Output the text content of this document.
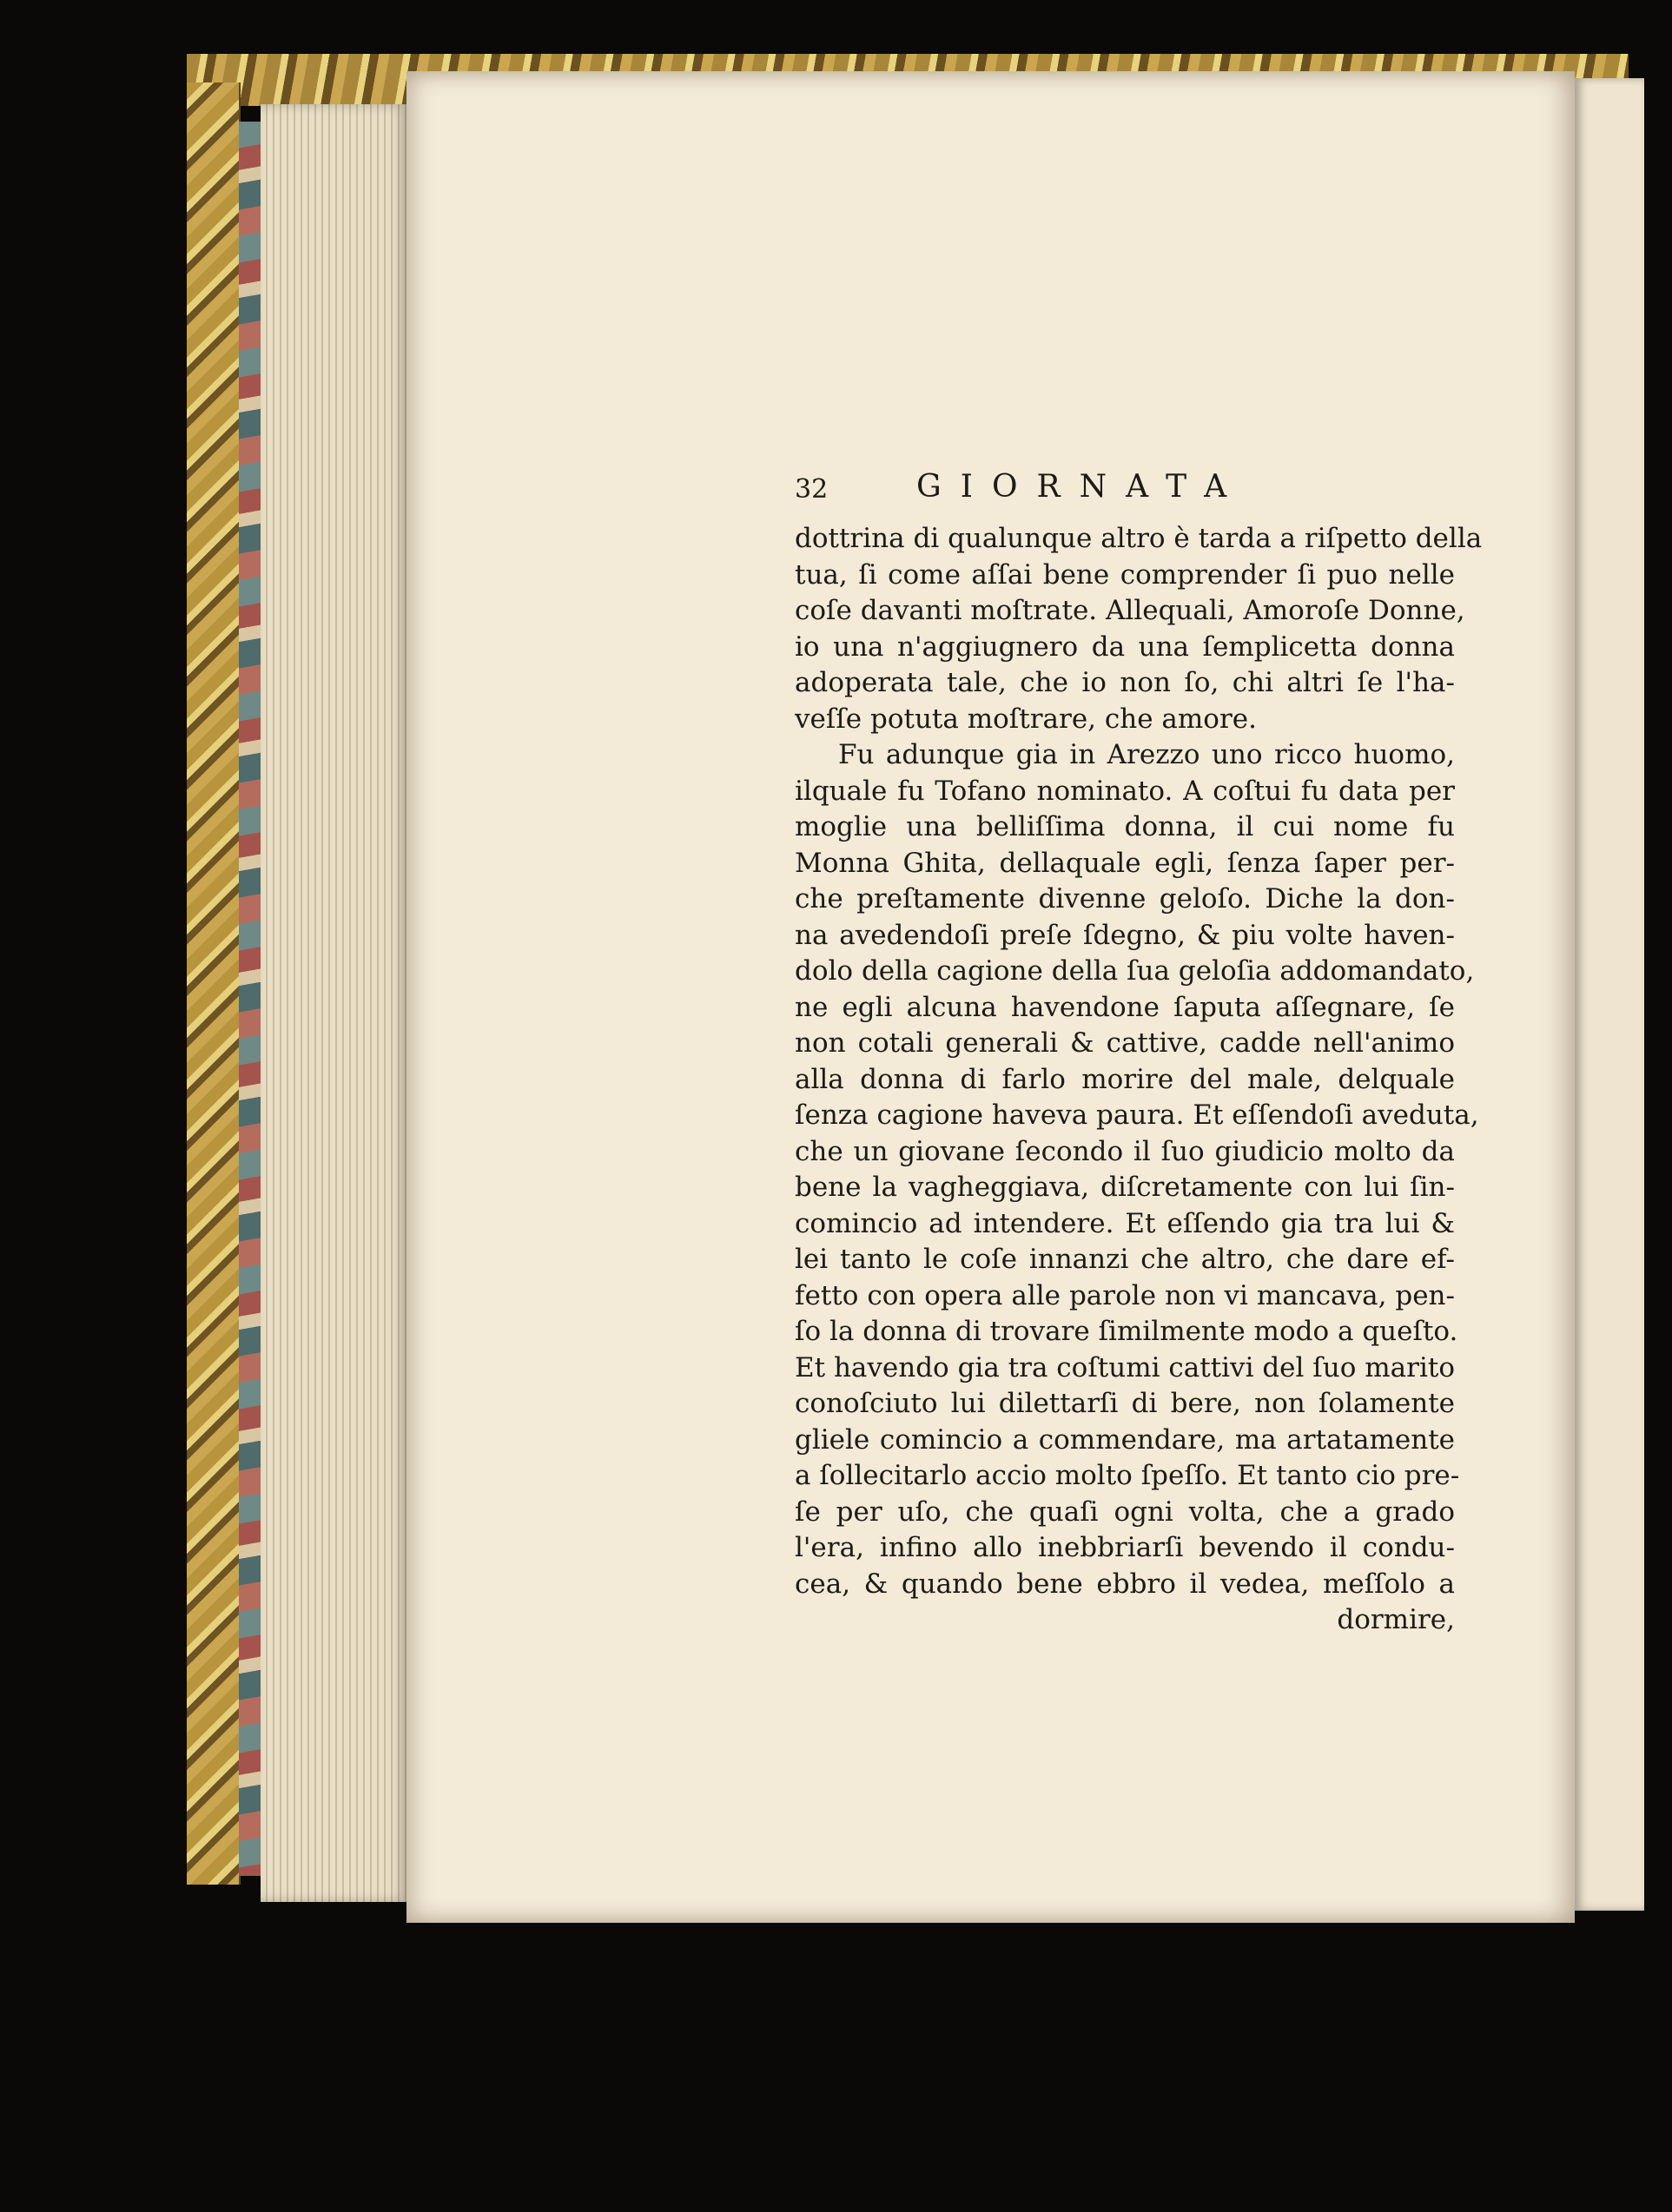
32	GIORNATA
dottrina di qualunque altro è tarda a riſpetto della
tua, ſi come aſſai bene comprender ſi puo nelle
coſe davanti moſtrate. Allequali, Amoroſe Donne,
io una n'aggiugnero da una ſemplicetta donna
adoperata tale, che io non ſo, chi altri ſe l'ha-
veſſe potuta moſtrare, che amore.
Fu adunque gia in Arezzo uno ricco huomo,
ilquale fu Tofano nominato. A coſtui fu data per
moglie una belliſſima donna, il cui nome fu
Monna Ghita, dellaquale egli, ſenza ſaper per-
che preſtamente divenne geloſo. Diche la don-
na avedendoſi preſe ſdegno, & piu volte haven-
dolo della cagione della ſua geloſia addomandato,
ne egli alcuna havendone ſaputa aſſegnare, ſe
non cotali generali & cattive, cadde nell'animo
alla donna di farlo morire del male, delquale
ſenza cagione haveva paura. Et eſſendoſi aveduta,
che un giovane ſecondo il ſuo giudicio molto da
bene la vagheggiava, diſcretamente con lui ſin-
comincio ad intendere. Et eſſendo gia tra lui &
lei tanto le coſe innanzi che altro, che dare ef-
fetto con opera alle parole non vi mancava, pen-
ſo la donna di trovare ſimilmente modo a queſto.
Et havendo gia tra coſtumi cattivi del ſuo marito
conoſciuto lui dilettarſi di bere, non ſolamente
gliele comincio a commendare, ma artatamente
a ſollecitarlo accio molto ſpeſſo. Et tanto cio pre-
ſe per uſo, che quaſi ogni volta, che a grado
l'era, infino allo inebbriarſi bevendo il condu-
cea, & quando bene ebbro il vedea, meſſolo a
dormire,
